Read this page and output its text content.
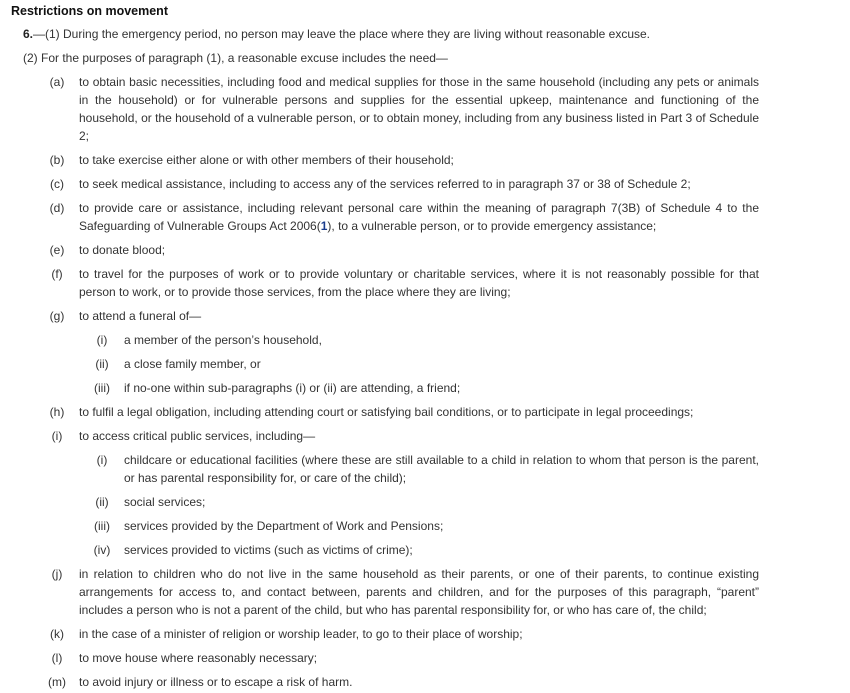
Restrictions on movement
6.—(1) During the emergency period, no person may leave the place where they are living without reasonable excuse.
(2) For the purposes of paragraph (1), a reasonable excuse includes the need—
(a)	to obtain basic necessities, including food and medical supplies for those in the same household (including any pets or animals in the household) or for vulnerable persons and supplies for the essential upkeep, maintenance and functioning of the household, or the household of a vulnerable person, or to obtain money, including from any business listed in Part 3 of Schedule 2;
(b)	to take exercise either alone or with other members of their household;
(c)	to seek medical assistance, including to access any of the services referred to in paragraph 37 or 38 of Schedule 2;
(d)	to provide care or assistance, including relevant personal care within the meaning of paragraph 7(3B) of Schedule 4 to the Safeguarding of Vulnerable Groups Act 2006(1), to a vulnerable person, or to provide emergency assistance;
(e)	to donate blood;
(f)	to travel for the purposes of work or to provide voluntary or charitable services, where it is not reasonably possible for that person to work, or to provide those services, from the place where they are living;
(g)	to attend a funeral of—
(i)	a member of the person’s household,
(ii)	a close family member, or
(iii) if no-one within sub-paragraphs (i) or (ii) are attending, a friend;
(h)	to fulfil a legal obligation, including attending court or satisfying bail conditions, or to participate in legal proceedings;
(i)	to access critical public services, including—
(i)	childcare or educational facilities (where these are still available to a child in relation to whom that person is the parent, or has parental responsibility for, or care of the child);
(ii)	social services;
(iii) services provided by the Department of Work and Pensions;
(iv) services provided to victims (such as victims of crime);
(j)	in relation to children who do not live in the same household as their parents, or one of their parents, to continue existing arrangements for access to, and contact between, parents and children, and for the purposes of this paragraph, “parent” includes a person who is not a parent of the child, but who has parental responsibility for, or who has care of, the child;
(k)	in the case of a minister of religion or worship leader, to go to their place of worship;
(l)	to move house where reasonably necessary;
(m)	to avoid injury or illness or to escape a risk of harm.
